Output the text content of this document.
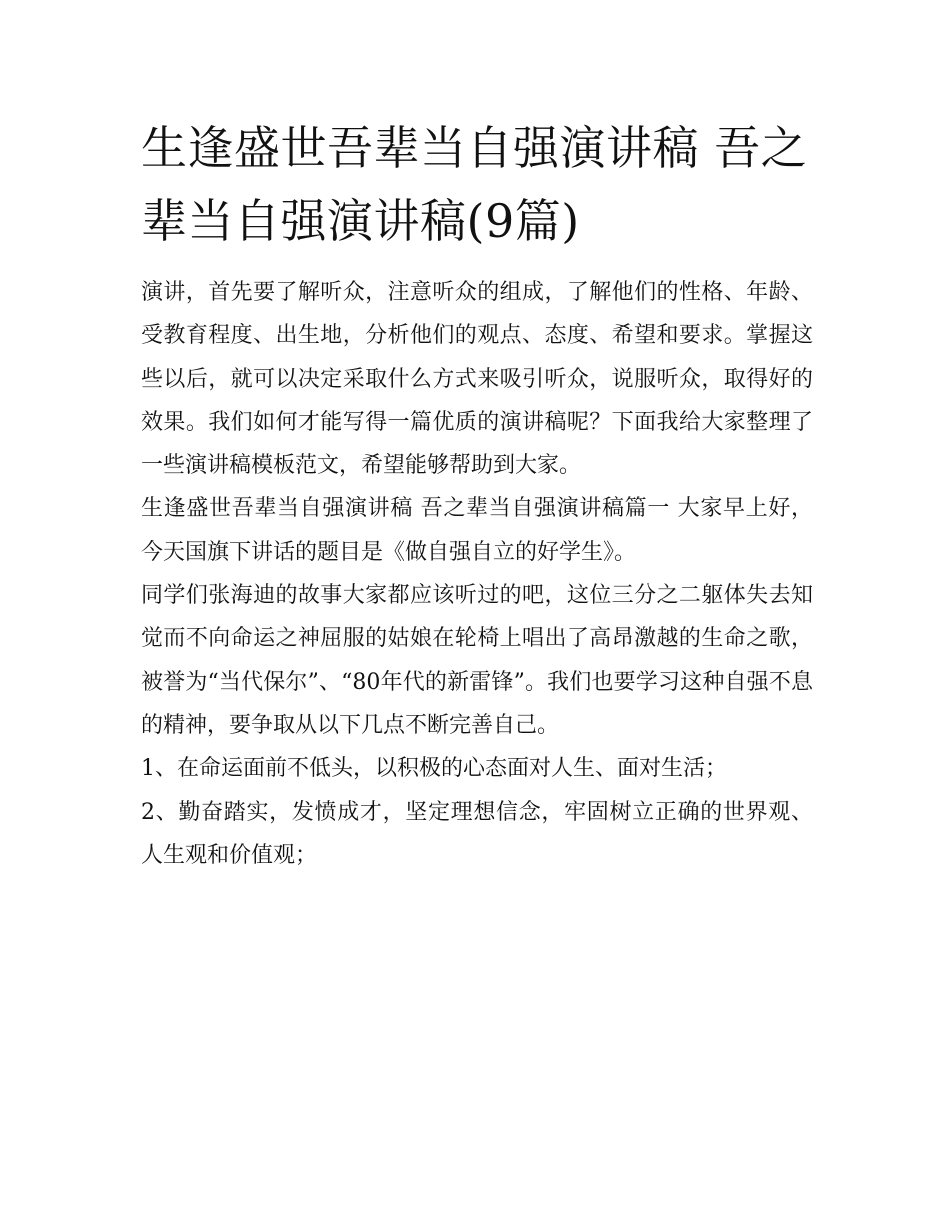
生逢盛世吾辈当自强演讲稿 吾之辈当自强演讲稿(9篇)

演讲，首先要了解听众，注意听众的组成，了解他们的性格、年龄、受教育程度、出生地，分析他们的观点、态度、希望和要求。掌握这些以后，就可以决定采取什么方式来吸引听众，说服听众，取得好的效果。我们如何才能写得一篇优质的演讲稿呢？下面我给大家整理了一些演讲稿模板范文，希望能够帮助到大家。

生逢盛世吾辈当自强演讲稿 吾之辈当自强演讲稿篇一 大家早上好，今天国旗下讲话的题目是《做自强自立的好学生》。

同学们张海迪的故事大家都应该听过的吧，这位三分之二躯体失去知觉而不向命运之神屈服的姑娘在轮椅上唱出了高昂激越的生命之歌，被誉为“当代保尔”、“80年代的新雷锋”。我们也要学习这种自强不息的精神，要争取从以下几点不断完善自己。

1、在命运面前不低头，以积极的心态面对人生、面对生活；

2、勤奋踏实，发愤成才，坚定理想信念，牢固树立正确的世界观、人生观和价值观；
